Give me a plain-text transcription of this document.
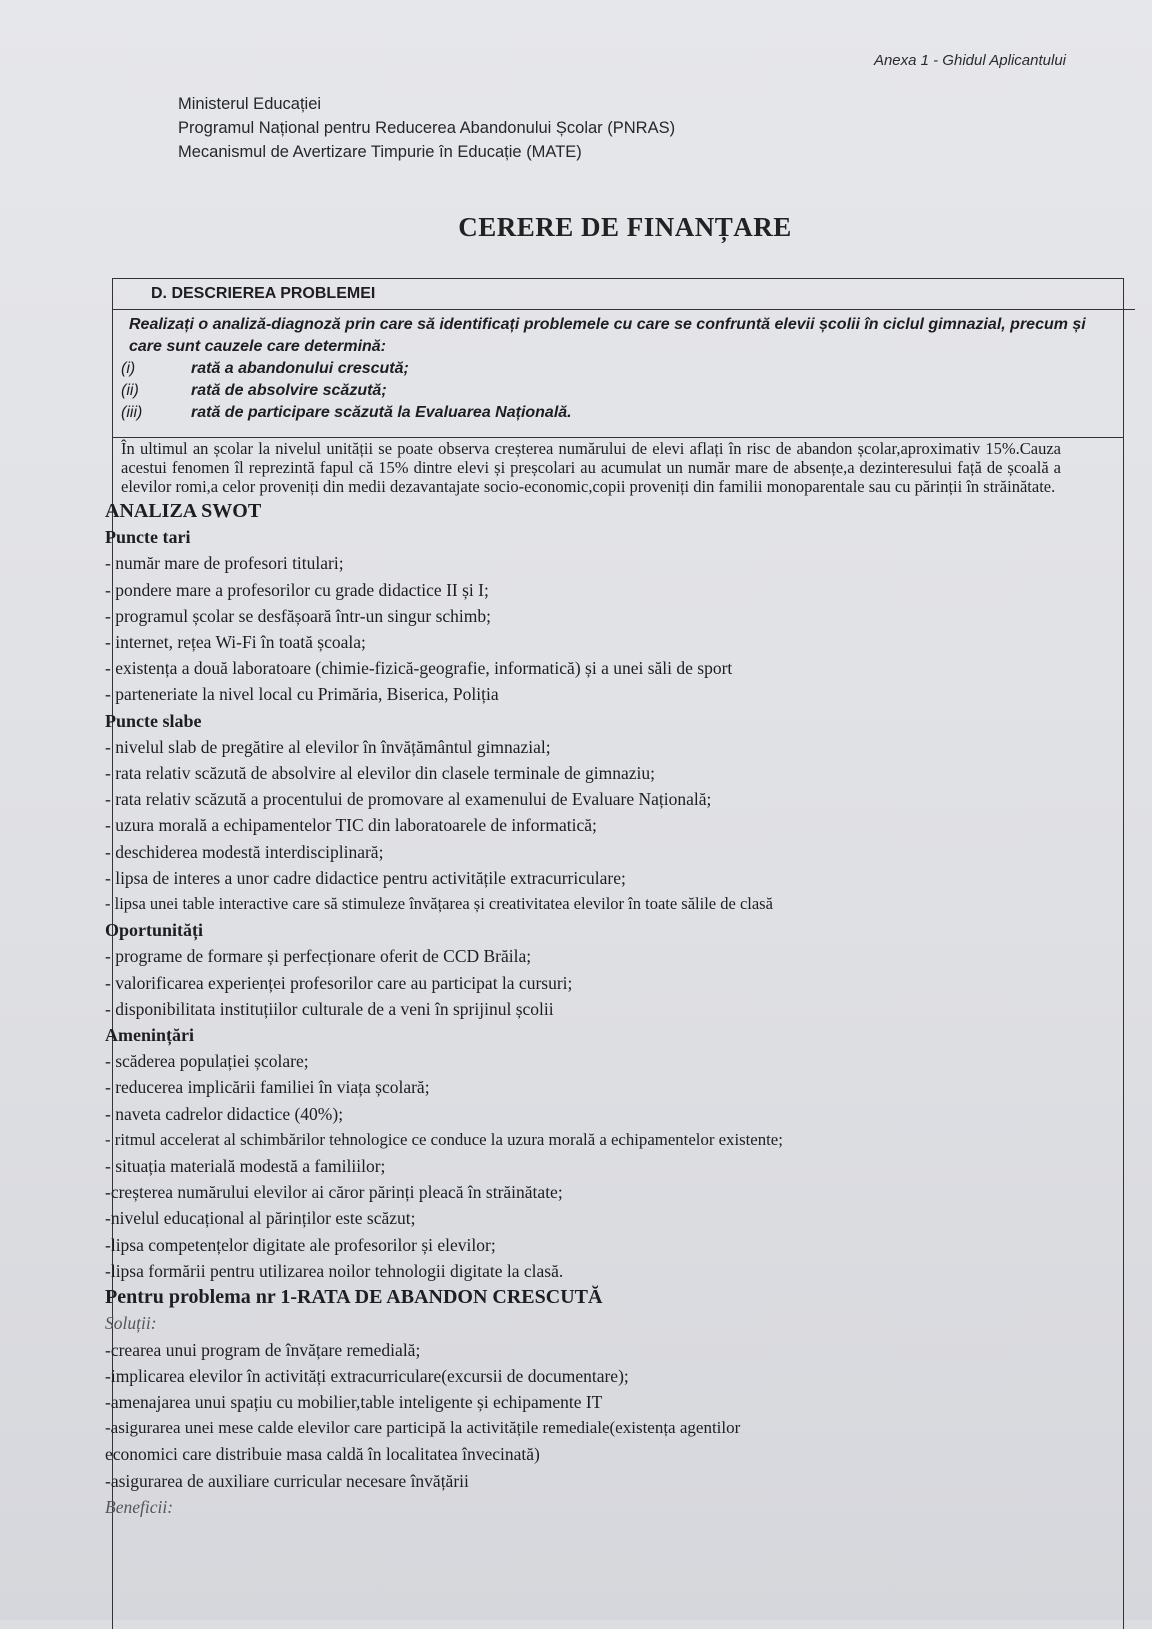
Anexa 1 - Ghidul Aplicantului
Ministerul Educației
Programul Național pentru Reducerea Abandonului Școlar (PNRAS)
Mecanismul de Avertizare Timpurie în Educație (MATE)
CERERE DE FINANȚARE
D. DESCRIEREA PROBLEMEI
Realizați o analiză-diagnoză prin care să identificați problemele cu care se confruntă elevii școlii în ciclul gimnazial, precum și care sunt cauzele care determină:
(i)	rată a abandonului crescută;
(ii)	rată de absolvire scăzută;
(iii)	rată de participare scăzută la Evaluarea Națională.
În ultimul an școlar la nivelul unității se poate observa creșterea numărului de elevi aflați în risc de abandon școlar,aproximativ 15%.Cauza acestui fenomen îl reprezintă fapul că 15% dintre elevi și preșcolari au acumulat un număr mare de absențe,a dezinteresului față de școală a elevilor romi,a celor proveniți din medii dezavantajate socio-economic,copii proveniți din familii monoparentale sau cu părinții în străinătate.
ANALIZA SWOT
Puncte tari
- număr mare de profesori titulari;
- pondere mare a profesorilor cu grade didactice II și I;
- programul școlar se desfășoară într-un singur schimb;
- internet, rețea Wi-Fi în toată școala;
- existența a două laboratoare (chimie-fizică-geografie, informatică) și a unei săli de sport
- parteneriate la nivel local cu Primăria, Biserica, Poliția
Puncte slabe
- nivelul slab de pregătire al elevilor în învățământul gimnazial;
- rata relativ scăzută de absolvire al elevilor din clasele terminale de gimnaziu;
- rata relativ scăzută a procentului de promovare al examenului de Evaluare Națională;
- uzura morală a echipamentelor TIC din laboratoarele de informatică;
- deschiderea modestă interdisciplinară;
- lipsa de interes a unor cadre didactice pentru activitățile extracurriculare;
- lipsa unei table interactive care să stimuleze învățarea și creativitatea elevilor în toate sălile de clasă
Oportunități
- programe de formare și perfecționare oferit de CCD Brăila;
- valorificarea experienței profesorilor care au participat la cursuri;
- disponibilitata instituțiilor culturale de a veni în sprijinul școlii
Amenințări
- scăderea populației școlare;
- reducerea implicării familiei în viața școlară;
- naveta cadrelor didactice (40%);
- ritmul accelerat al schimbărilor tehnologice ce conduce la uzura morală a echipamentelor existente;
- situația materială modestă a familiilor;
-creșterea numărului elevilor ai căror părinți pleacă în străinătate;
-nivelul educațional al părinților este scăzut;
-lipsa competențelor digitate ale profesorilor și elevilor;
-lipsa formării pentru utilizarea noilor tehnologii digitate la clasă.
Pentru problema nr 1-RATA DE ABANDON CRESCUTĂ
Soluții:
-crearea unui program de învățare remedială;
-implicarea elevilor în activități extracurriculare(excursii de documentare);
-amenajarea unui spațiu cu mobilier,table inteligente și echipamente IT
-asigurarea unei mese calde elevilor care participă la activitățile remediale(existența agentilor
economici care distribuie masa caldă în localitatea învecinată)
-asigurarea de auxiliare curricular necesare învățării
Beneficii:
